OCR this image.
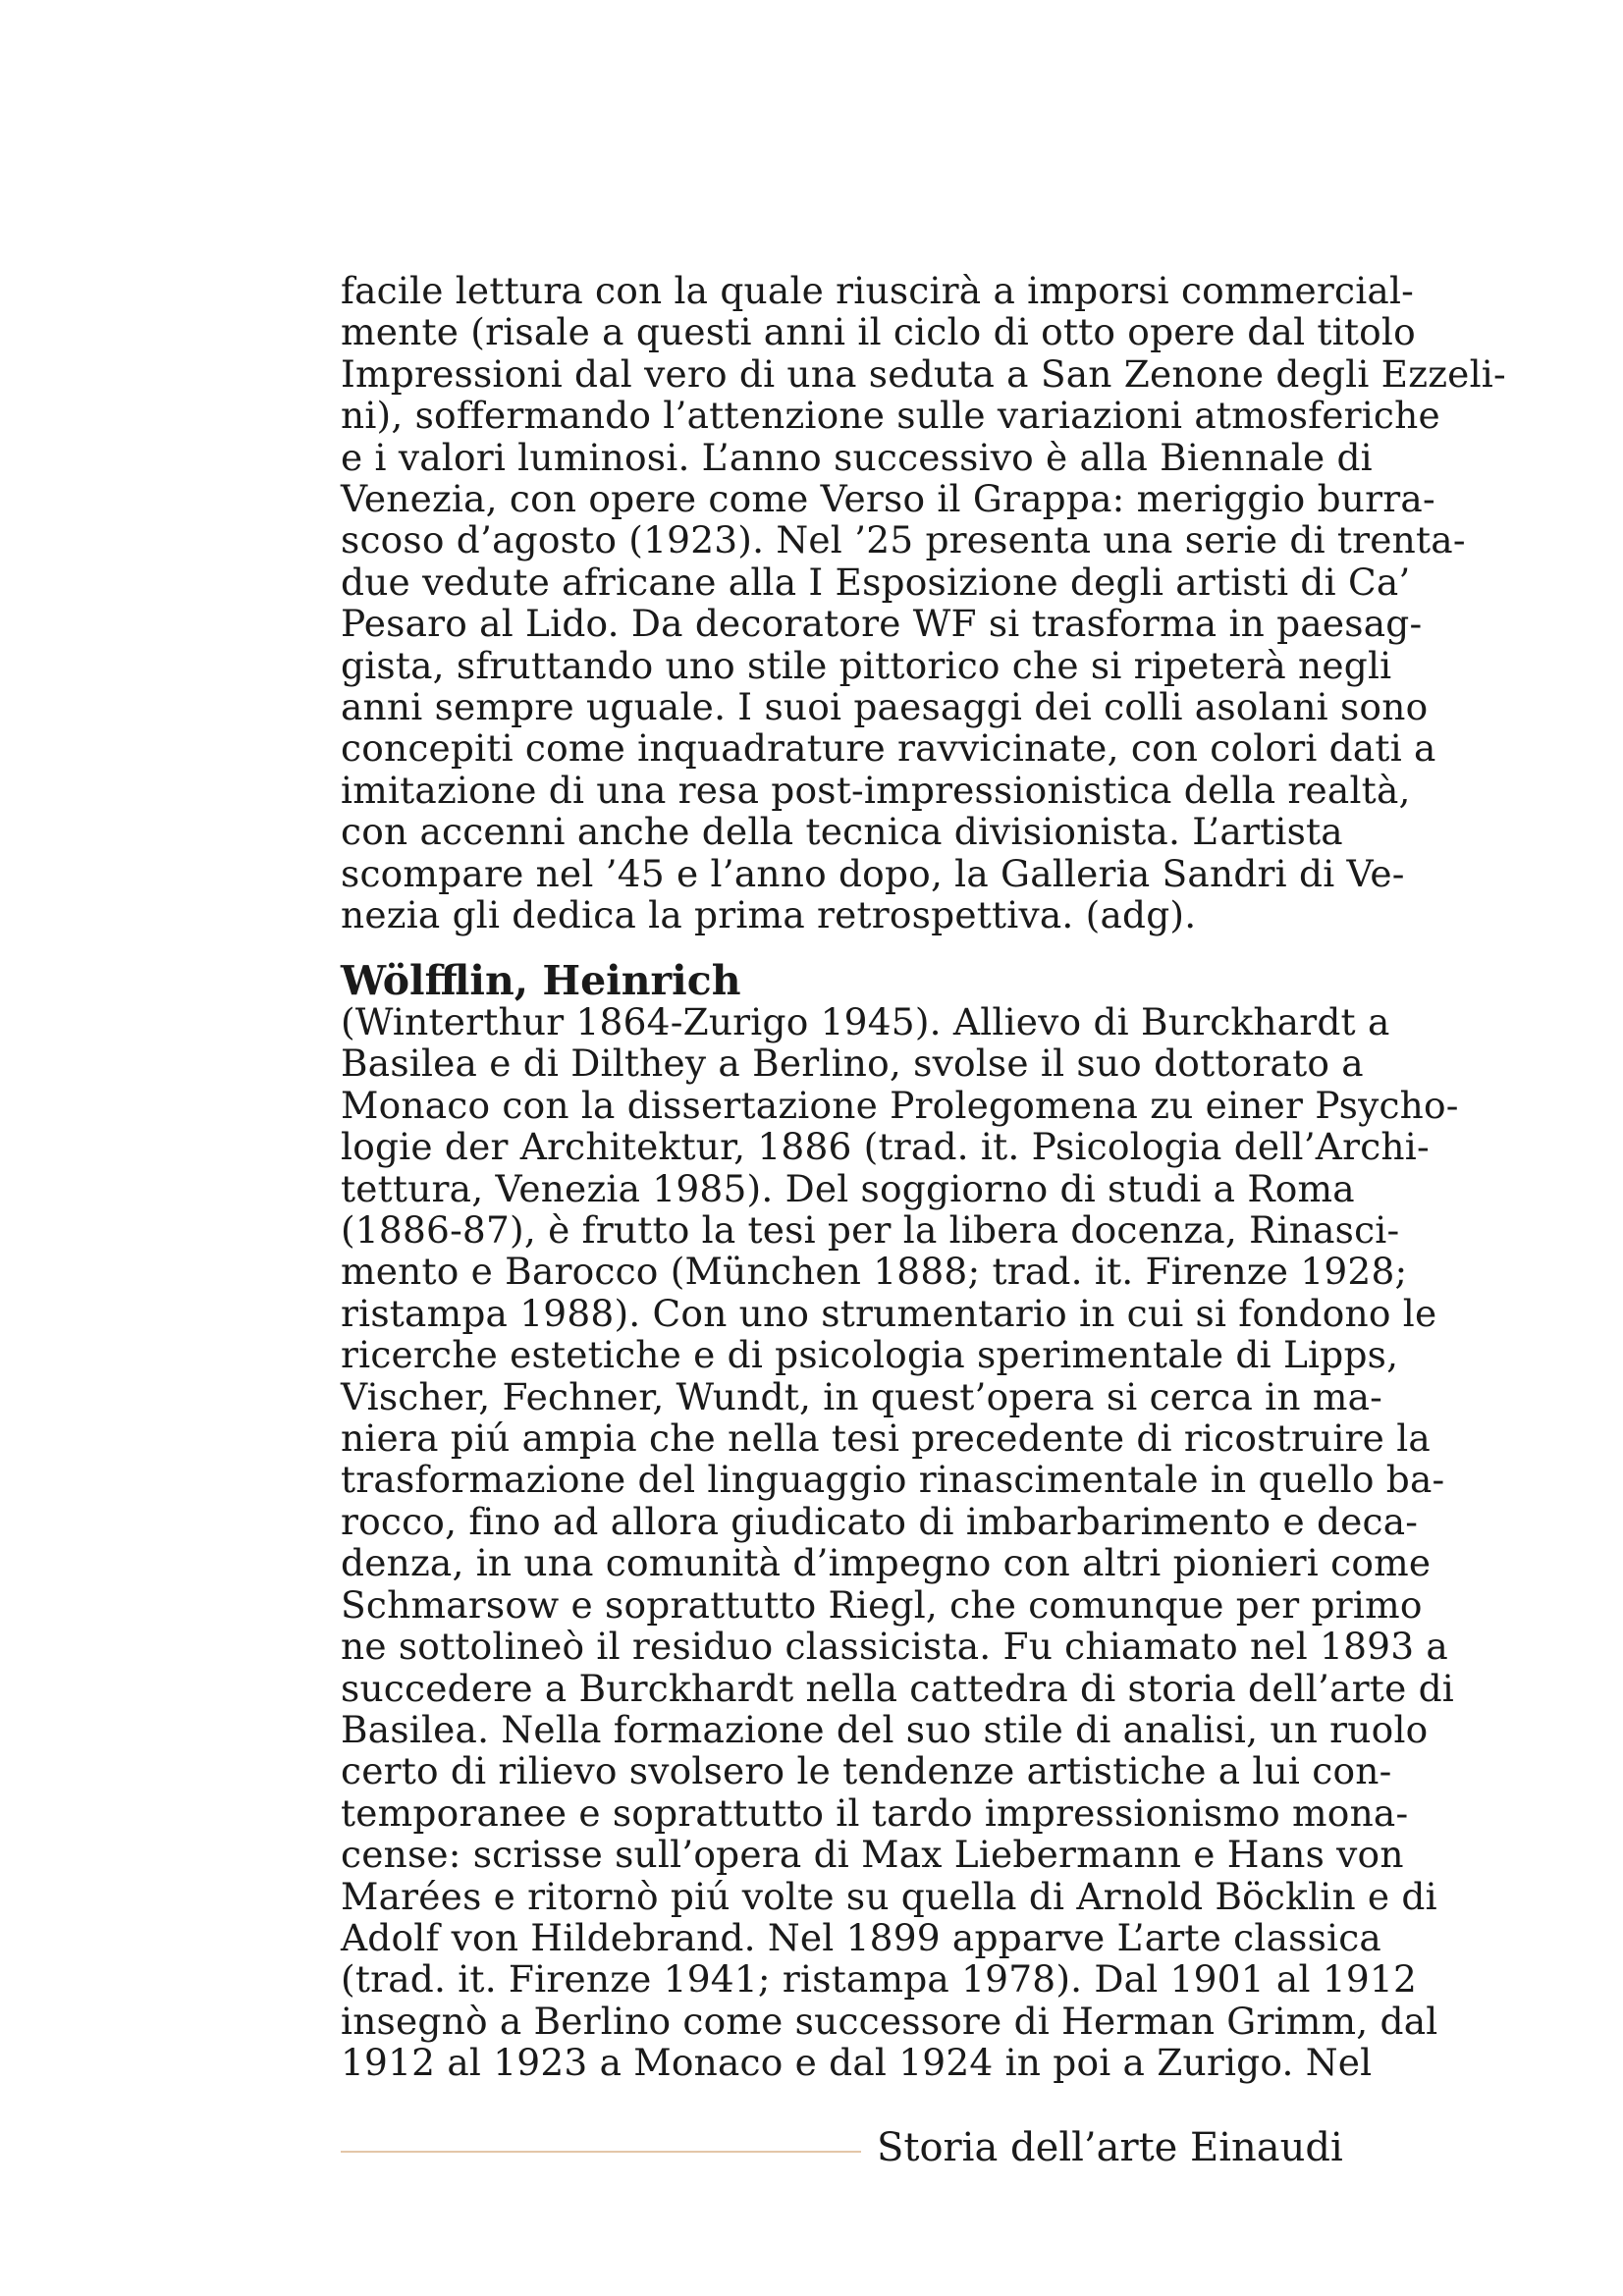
facile lettura con la quale riuscirà a imporsi commercial-
mente (risale a questi anni il ciclo di otto opere dal titolo
Impressioni dal vero di una seduta a San Zenone degli Ezzeli-
ni), soffermando l’attenzione sulle variazioni atmosferiche
e i valori luminosi. L’anno successivo è alla Biennale di
Venezia, con opere come Verso il Grappa: meriggio burra-
scoso d’agosto (1923). Nel ’25 presenta una serie di trenta-
due vedute africane alla I Esposizione degli artisti di Ca’
Pesaro al Lido. Da decoratore WF si trasforma in paesag-
gista, sfruttando uno stile pittorico che si ripeterà negli
anni sempre uguale. I suoi paesaggi dei colli asolani sono
concepiti come inquadrature ravvicinate, con colori dati a
imitazione di una resa post-impressionistica della realtà,
con accenni anche della tecnica divisionista. L’artista
scompare nel ’45 e l’anno dopo, la Galleria Sandri di Ve-
nezia gli dedica la prima retrospettiva. (adg).
Wölfflin, Heinrich
(Winterthur 1864-Zurigo 1945). Allievo di Burckhardt a
Basilea e di Dilthey a Berlino, svolse il suo dottorato a
Monaco con la dissertazione Prolegomena zu einer Psycho-
logie der Architektur, 1886 (trad. it. Psicologia dell’Archi-
tettura, Venezia 1985). Del soggiorno di studi a Roma
(1886-87), è frutto la tesi per la libera docenza, Rinasci-
mento e Barocco (München 1888; trad. it. Firenze 1928;
ristampa 1988). Con uno strumentario in cui si fondono le
ricerche estetiche e di psicologia sperimentale di Lipps,
Vischer, Fechner, Wundt, in quest’opera si cerca in ma-
niera piú ampia che nella tesi precedente di ricostruire la
trasformazione del linguaggio rinascimentale in quello ba-
rocco, fino ad allora giudicato di imbarbarimento e deca-
denza, in una comunità d’impegno con altri pionieri come
Schmarsow e soprattutto Riegl, che comunque per primo
ne sottolineò il residuo classicista. Fu chiamato nel 1893 a
succedere a Burckhardt nella cattedra di storia dell’arte di
Basilea. Nella formazione del suo stile di analisi, un ruolo
certo di rilievo svolsero le tendenze artistiche a lui con-
temporanee e soprattutto il tardo impressionismo mona-
cense: scrisse sull’opera di Max Liebermann e Hans von
Marées e ritornò piú volte su quella di Arnold Böcklin e di
Adolf von Hildebrand. Nel 1899 apparve L’arte classica
(trad. it. Firenze 1941; ristampa 1978). Dal 1901 al 1912
insegnò a Berlino come successore di Herman Grimm, dal
1912 al 1923 a Monaco e dal 1924 in poi a Zurigo. Nel
Storia dell’arte Einaudi
